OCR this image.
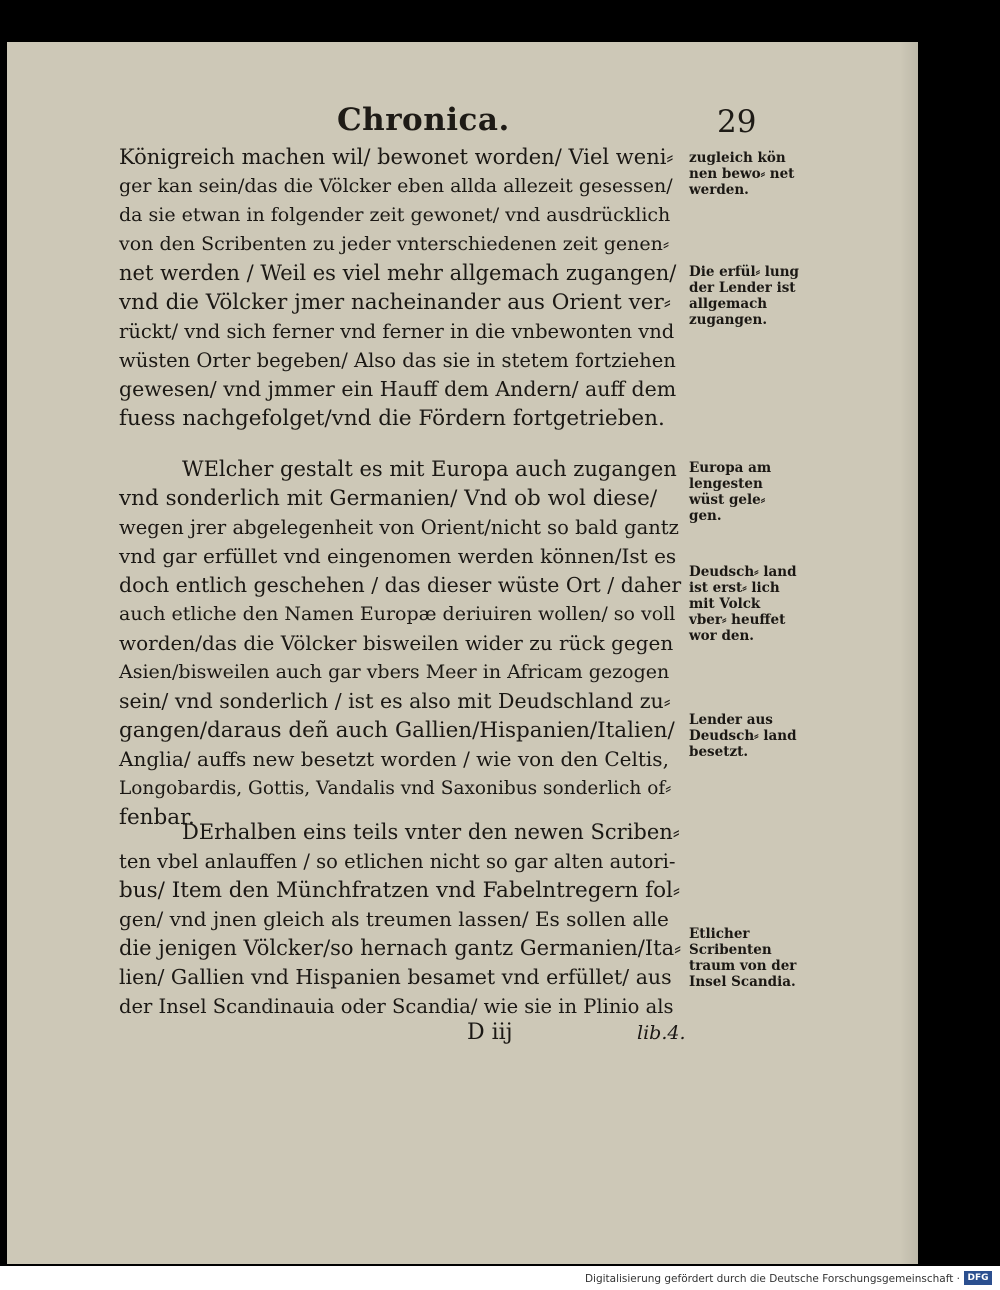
Chronica.	29
Königreich machen wil/ bewonet worden/ Viel weni⸗
ger kan sein/das die Völcker eben allda allezeit gesessen/
da sie etwan in folgender zeit gewonet/ vnd ausdrücklich
von den Scribenten zu jeder vnterschiedenen zeit genen⸗
net werden / Weil es viel mehr allgemach zugangen/
vnd die Völcker jmer nacheinander aus Orient ver⸗
rückt/ vnd sich ferner vnd ferner in die vnbewonten vnd
wüsten Orter begeben/ Also das sie in stetem fortziehen
gewesen/ vnd jmmer ein Hauff dem Andern/ auff dem
fuess nachgefolget/vnd die Fördern fortgetrieben.
WElcher gestalt es mit Europa auch zugangen
vnd sonderlich mit Germanien/ Vnd ob wol diese/
wegen jrer abgelegenheit von Orient/nicht so bald gantz
vnd gar erfüllet vnd eingenomen werden können/Ist es
doch entlich geschehen / das dieser wüste Ort / daher
auch etliche den Namen Europæ deriuiren wollen/ so voll
worden/das die Völcker bisweilen wider zu rück gegen
Asien/bisweilen auch gar vbers Meer in Africam gezogen
sein/ vnd sonderlich / ist es also mit Deudschland zu⸗
gangen/daraus deñ auch Gallien/Hispanien/Italien/
Anglia/ auffs new besetzt worden / wie von den Celtis,
Longobardis, Gottis, Vandalis vnd Saxonibus sonderlich of⸗
fenbar.
DErhalben eins teils vnter den newen Scriben⸗
ten vbel anlauffen / so etlichen nicht so gar alten autori-
bus/ Item den Münchfratzen vnd Fabelntregern fol⸗
gen/ vnd jnen gleich als treumen lassen/ Es sollen alle
die jenigen Völcker/so hernach gantz Germanien/Ita⸗
lien/ Gallien vnd Hispanien besamet vnd erfüllet/ aus
der Insel Scandinauia oder Scandia/ wie sie in Plinio als
D iij	lib.4.
zugleich kön nen bewo⸗ net werden.
Die erfül⸗ lung der Lender ist allgemach zugangen.
Europa am lengesten wüst gele⸗ gen.
Deudsch⸗ land ist erst⸗ lich mit Volck vber⸗ heuffet wor den.
Lender aus Deudsch⸗ land besetzt.
Etlicher Scribenten traum von der Insel Scandia.
Digitalisierung gefördert durch die Deutsche Forschungsgemeinschaft · DFG
